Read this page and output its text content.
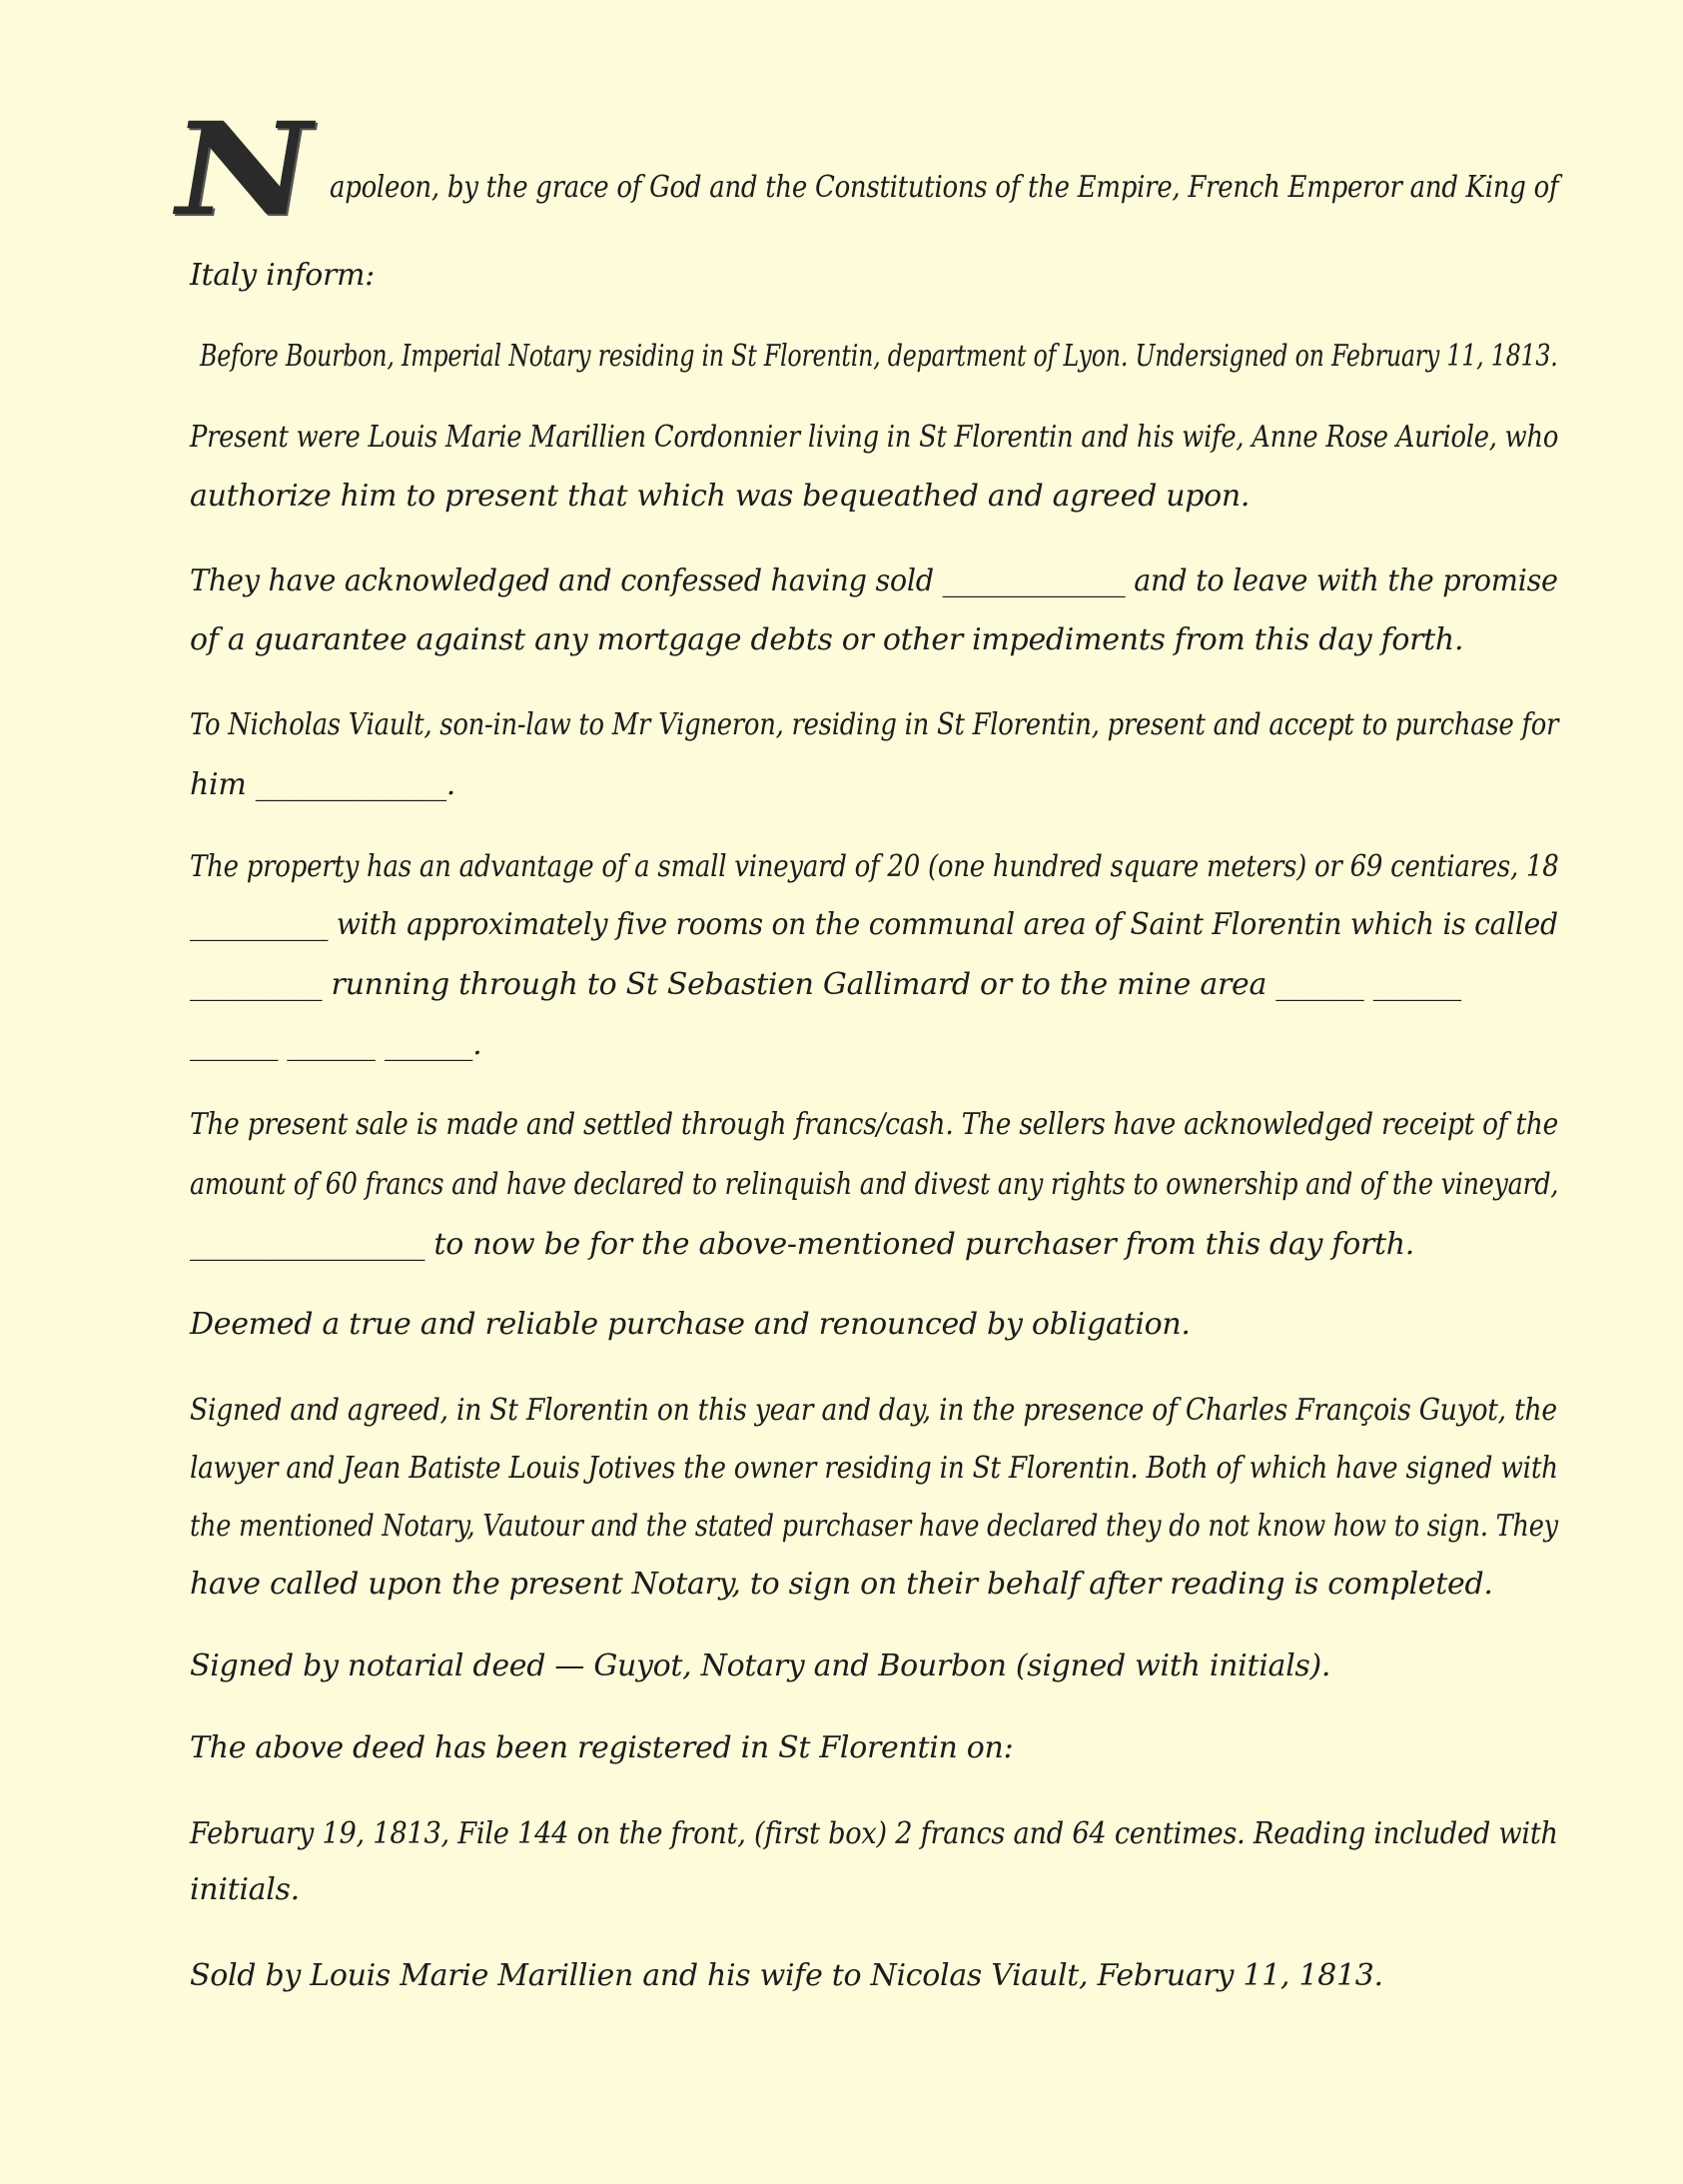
N apoleon, by the grace of God and the Constitutions of the Empire, French Emperor and King of
Italy inform:
Before Bourbon, Imperial Notary residing in St Florentin, department of Lyon. Undersigned on February 11, 1813.
Present were Louis Marie Marillien Cordonnier living in St Florentin and his wife, Anne Rose Auriole, who
authorize him to present that which was bequeathed and agreed upon.
They have acknowledged and confessed having sold _____________ and to leave with the promise
of a guarantee against any mortgage debts or other impediments from this day forth.
To Nicholas Viault, son-in-law to Mr Vigneron, residing in St Florentin, present and accept to purchase for
him _____________.
The property has an advantage of a small vineyard of 20 (one hundred square meters) or 69 centiares, 18
__________ with approximately five rooms on the communal area of Saint Florentin which is called
_________ running through to St Sebastien Gallimard or to the mine area ______ ______
______ ______ ______.
The present sale is made and settled through francs/cash. The sellers have acknowledged receipt of the
amount of 60 francs and have declared to relinquish and divest any rights to ownership and of the vineyard,
________________ to now be for the above-mentioned purchaser from this day forth.
Deemed a true and reliable purchase and renounced by obligation.
Signed and agreed, in St Florentin on this year and day, in the presence of Charles François Guyot, the
lawyer and Jean Batiste Louis Jotives the owner residing in St Florentin. Both of which have signed with
the mentioned Notary, Vautour and the stated purchaser have declared they do not know how to sign. They
have called upon the present Notary, to sign on their behalf after reading is completed.
Signed by notarial deed — Guyot, Notary and Bourbon (signed with initials).
The above deed has been registered in St Florentin on:
February 19, 1813, File 144 on the front, (first box) 2 francs and 64 centimes. Reading included with
initials.
Sold by Louis Marie Marillien and his wife to Nicolas Viault, February 11, 1813.
